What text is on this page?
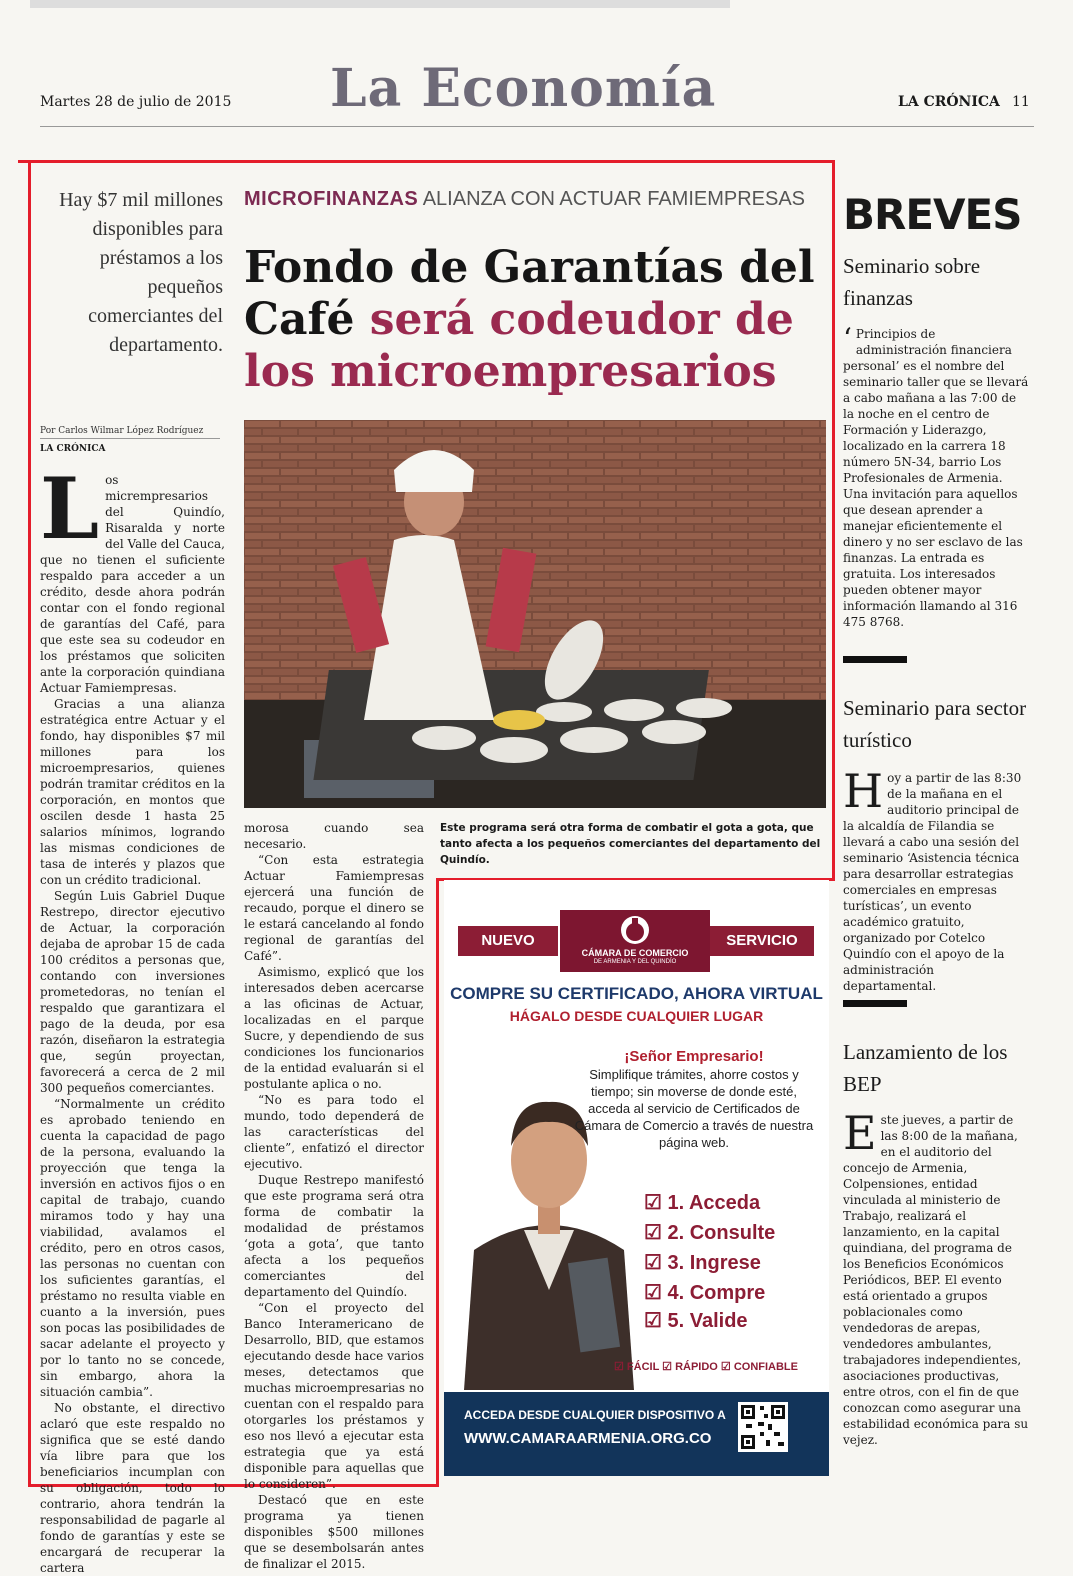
Martes 28 de julio de 2015 La Economía	LA CRÓNICA 11
Hay $7 mil millones disponibles para préstamos a los pequeños comerciantes del departamento.
Por Carlos Wilmar López Rodríguez
LA CRÓNICA
MICROFINANZAS ALIANZA CON ACTUAR FAMIEMPRESAS
Fondo de Garantías del Café será codeudor de los microempresarios
Este programa será otra forma de combatir el gota a gota, que tanto afecta a los pequeños comerciantes del departamento del Quindío.
L os micrempresarios del Quindío, Risaralda y norte del Valle del Cauca, que no tienen el suficiente respaldo para acceder a un crédito, desde ahora podrán contar con el fondo regional de garantías del Café, para que este sea su codeudor en los préstamos que soliciten ante la corporación quindiana Actuar Famiempresas.

Gracias a una alianza estratégica entre Actuar y el fondo, hay disponibles $7 mil millones para los microempresarios, quienes podrán tramitar créditos en la corporación, en montos que oscilen desde 1 hasta 25 salarios mínimos, logrando las mismas condiciones de tasa de interés y plazos que con un crédito tradicional.

Según Luis Gabriel Duque Restrepo, director ejecutivo de Actuar, la corporación dejaba de aprobar 15 de cada 100 créditos a personas que, contando con inversiones prometedoras, no tenían el respaldo que garantizara el pago de la deuda, por esa razón, diseñaron la estrategia que, según proyectan, favorecerá a cerca de 2 mil 300 pequeños comerciantes.

“Normalmente un crédito es aprobado teniendo en cuenta la capacidad de pago de la persona, evaluando la proyección que tenga la inversión en activos fijos o en capital de trabajo, cuando miramos todo y hay una viabilidad, avalamos el crédito, pero en otros casos, las personas no cuentan con los suficientes garantías, el préstamo no resulta viable en cuanto a la inversión, pues son pocas las posibilidades de sacar adelante el proyecto y por lo tanto no se concede, sin embargo, ahora la situación cambia”.

No obstante, el directivo aclaró que este respaldo no significa que se esté dando vía libre para que los beneficiarios incumplan con su obligación, todo lo contrario, ahora tendrán la responsabilidad de pagarle al fondo de garantías y este se encargará de recuperar la cartera

morosa cuando sea necesario.

“Con esta estrategia Actuar Famiempresas ejercerá una función de recaudo, porque el dinero se le estará cancelando al fondo regional de garantías del Café”.

Asimismo, explicó que los interesados deben acercarse a las oficinas de Actuar, localizadas en el parque Sucre, y dependiendo de sus condiciones los funcionarios de la entidad evaluarán si el postulante aplica o no.

“No es para todo el mundo, todo dependerá de las características del cliente”, enfatizó el director ejecutivo.

Duque Restrepo manifestó que este programa será otra forma de combatir la modalidad de préstamos ‘gota a gota’, que tanto afecta a los pequeños comerciantes del departamento del Quindío.

“Con el proyecto del Banco Interamericano de Desarrollo, BID, que estamos ejecutando desde hace varios meses, detectamos que muchas microempresarias no cuentan con el respaldo para otorgarles los préstamos y eso nos llevó a ejecutar esta estrategia que ya está disponible para aquellas que lo consideren”.

Destacó que en este programa ya tienen disponibles $500 millones que se desembolsarán antes de finalizar el 2015.

NUEVO
CÁMARA DE COMERCIO
DE ARMENIA Y DEL QUINDÍO
SERVICIO
COMPRE SU CERTIFICADO, AHORA VIRTUAL
HÁGALO DESDE CUALQUIER LUGAR
¡Señor Empresario!
Simplifique trámites, ahorre costos y tiempo; sin moverse de donde esté, acceda al servicio de Certificados de Cámara de Comercio a través de nuestra página web.
☑ 1. Acceda
☑ 2. Consulte
☑ 3. Ingrese
☑ 4. Compre
☑ 5. Valide
☑ FÁCIL ☑ RÁPIDO ☑ CONFIABLE
ACCEDA DESDE CUALQUIER DISPOSITIVO A
WWW.CAMARAARMENIA.ORG.CO
BREVES
Seminario sobre finanzas
‘ Principios de administración financiera personal’ es el nombre del seminario taller que se llevará a cabo mañana a las 7:00 de la noche en el centro de Formación y Liderazgo, localizado en la carrera 18 número 5N-34, barrio Los Profesionales de Armenia. Una invitación para aquellos que desean aprender a manejar eficientemente el dinero y no ser esclavo de las finanzas. La entrada es gratuita. Los interesados pueden obtener mayor información llamando al 316 475 8768.

Seminario para sector turístico
H oy a partir de las 8:30 de la mañana en el auditorio principal de la alcaldía de Filandia se llevará a cabo una sesión del seminario ‘Asistencia técnica para desarrollar estrategias comerciales en empresas turísticas’, un evento académico gratuito, organizado por Cotelco Quindío con el apoyo de la administración departamental.

Lanzamiento de los BEP
E ste jueves, a partir de las 8:00 de la mañana, en el auditorio del concejo de Armenia, Colpensiones, entidad vinculada al ministerio de Trabajo, realizará el lanzamiento, en la capital quindiana, del programa de los Beneficios Económicos Periódicos, BEP. El evento está orientado a grupos poblacionales como vendedoras de arepas, vendedores ambulantes, trabajadores independientes, asociaciones productivas, entre otros, con el fin de que conozcan como asegurar una estabilidad económica para su vejez.
